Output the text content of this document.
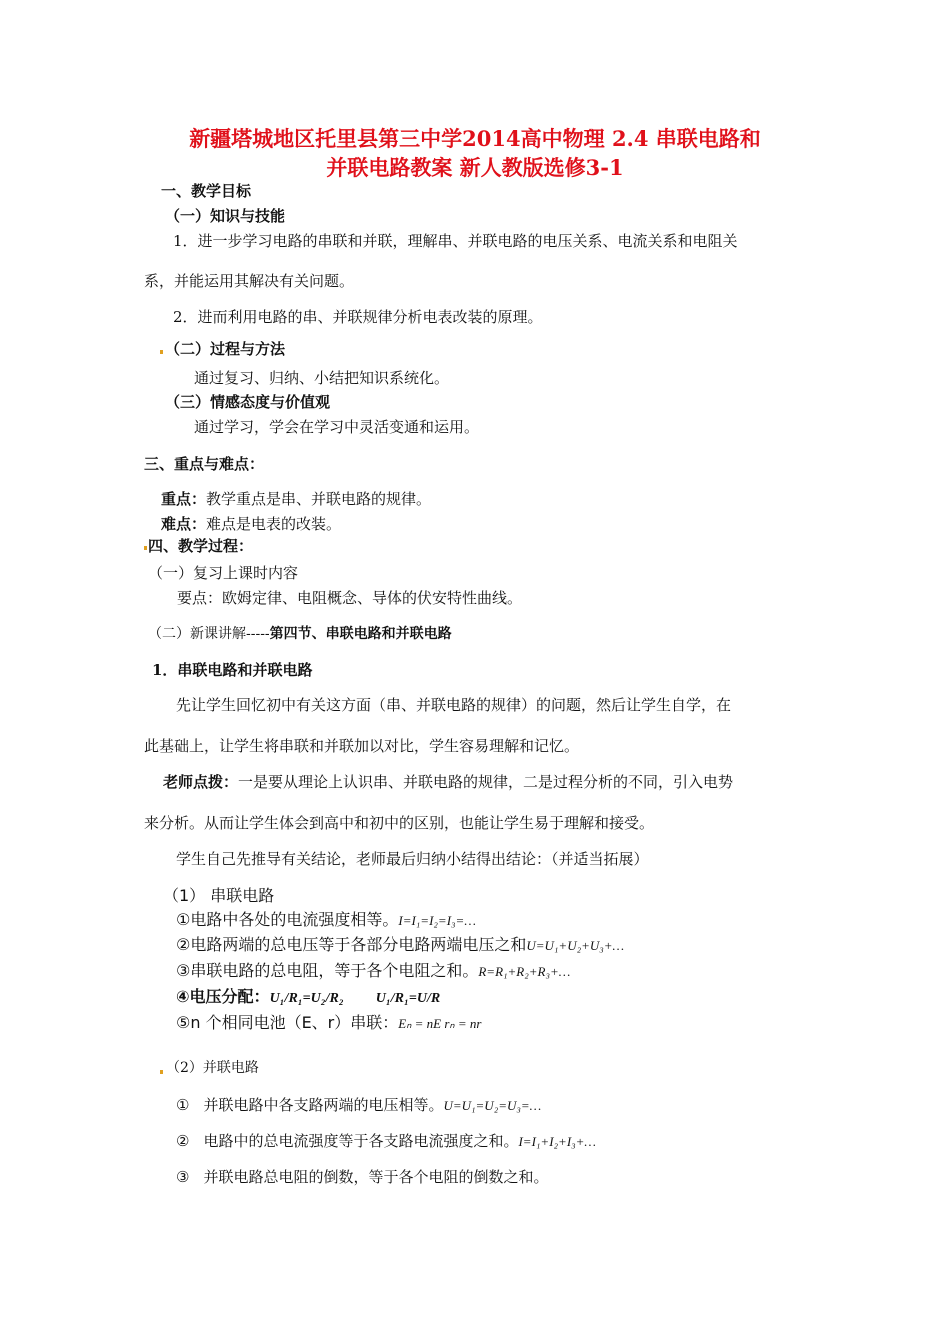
新疆塔城地区托里县第三中学2014高中物理 2.4 串联电路和
并联电路教案 新人教版选修3-1
一、教学目标
（一）知识与技能
1．进一步学习电路的串联和并联，理解串、并联电路的电压关系、电流关系和电阻关
系，并能运用其解决有关问题。
2．进而利用电路的串、并联规律分析电表改装的原理。
（二）过程与方法
通过复习、归纳、小结把知识系统化。
（三）情感态度与价值观
通过学习，学会在学习中灵活变通和运用。
三、重点与难点：
重点：教学重点是串、并联电路的规律。
难点：难点是电表的改装。
四、教学过程：
（一）复习上课时内容
要点：欧姆定律、电阻概念、导体的伏安特性曲线。
（二）新课讲解-----第四节、串联电路和并联电路
1．串联电路和并联电路
先让学生回忆初中有关这方面（串、并联电路的规律）的问题，然后让学生自学，在
此基础上，让学生将串联和并联加以对比，学生容易理解和记忆。
老师点拨：一是要从理论上认识串、并联电路的规律，二是过程分析的不同，引入电势
来分析。从而让学生体会到高中和初中的区别，也能让学生易于理解和接受。
学生自己先推导有关结论，老师最后归纳小结得出结论：（并适当拓展）
（1） 串联电路
①电路中各处的电流强度相等。I=I₁=I₂=I₃=…
②电路两端的总电压等于各部分电路两端电压之和U=U₁+U₂+U₃+…
③串联电路的总电阻，等于各个电阻之和。R=R₁+R₂+R₃+…
④电压分配：U₁/R₁=U₂/R₂ U₁/R₁=U/R
⑤n 个相同电池（E、r）串联：Eₙ = nE rₙ = nr
（2）并联电路
① 并联电路中各支路两端的电压相等。U=U₁=U₂=U₃=…
② 电路中的总电流强度等于各支路电流强度之和。I=I₁+I₂+I₃+…
③ 并联电路总电阻的倒数，等于各个电阻的倒数之和。
